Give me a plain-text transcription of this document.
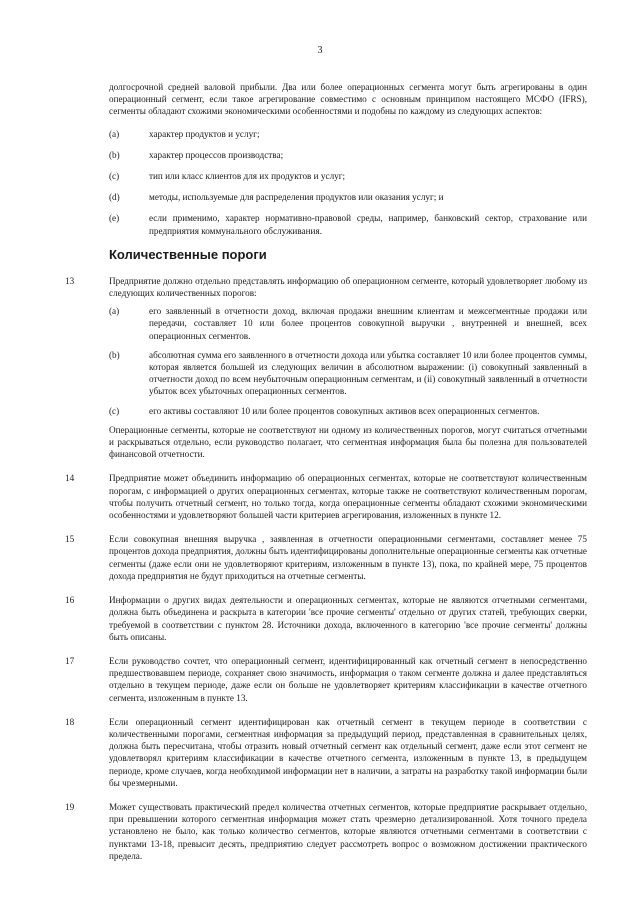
3

долгосрочной средней валовой прибыли. Два или более операционных сегмента могут быть агрегированы в один операционный сегмент, если такое агрегирование совместимо с основным принципом настоящего МСФО (IFRS), сегменты обладают схожими экономическими особенностями и подобны по каждому из следующих аспектов:

(a)	характер продуктов и услуг;

(b)	характер процессов производства;

(c)	тип или класс клиентов для их продуктов и услуг;

(d)	методы, используемые для распределения продуктов или оказания услуг; и

(e)	если применимо, характер нормативно-правовой среды, например, банковский сектор, страхование или предприятия коммунального обслуживания.

Количественные пороги
13	Предприятие должно отдельно представлять информацию об операционном сегменте, который удовлетворяет любому из следующих количественных порогов:

(a)	его заявленный в отчетности доход, включая продажи внешним клиентам и межсегментные продажи или передачи, составляет 10 или более процентов совокупной выручки , внутренней и внешней, всех операционных сегментов.

(b)	абсолютная сумма его заявленного в отчетности дохода или убытка составляет 10 или более процентов суммы, которая является большей из следующих величин в абсолютном выражении: (i) совокупный заявленный в отчетности доход по всем неубыточным операционным сегментам, и (ii) совокупный заявленный в отчетности убыток всех убыточных операционных сегментов.

(c)	его активы составляют 10 или более процентов совокупных активов всех операционных сегментов.

Операционные сегменты, которые не соответствуют ни одному из количественных порогов, могут считаться отчетными и раскрываться отдельно, если руководство полагает, что сегментная информация была бы полезна для пользователей финансовой отчетности.

14	Предприятие может объединить информацию об операционных сегментах, которые не соответствуют количественным порогам, с информацией о других операционных сегментах, которые также не соответствуют количественным порогам, чтобы получить отчетный сегмент, но только тогда, когда операционные сегменты обладают схожими экономическими особенностями и удовлетворяют большей части критериев агрегирования, изложенных в пункте 12.

15	Если совокупная внешняя выручка , заявленная в отчетности операционными сегментами, составляет менее 75 процентов дохода предприятия, должны быть идентифицированы дополнительные операционные сегменты как отчетные сегменты (даже если они не удовлетворяют критериям, изложенным в пункте 13), пока, по крайней мере, 75 процентов дохода предприятия не будут приходиться на отчетные сегменты.

16	Информации о других видах деятельности и операционных сегментах, которые не являются отчетными сегментами, должна быть объединена и раскрыта в категории 'все прочие сегменты' отдельно от других статей, требующих сверки, требуемой в соответствии с пунктом 28. Источники дохода, включенного в категорию 'все прочие сегменты' должны быть описаны.

17	Если руководство сочтет, что операционный сегмент, идентифицированный как отчетный сегмент в непосредственно предшествовавшем периоде, сохраняет свою значимость, информация о таком сегменте должна и далее представляться отдельно в текущем периоде, даже если он больше не удовлетворяет критериям классификации в качестве отчетного сегмента, изложенным в пункте 13.

18	Если операционный сегмент идентифицирован как отчетный сегмент в текущем периоде в соответствии с количественными порогами, сегментная информация за предыдущий период, представленная в сравнительных целях, должна быть пересчитана, чтобы отразить новый отчетный сегмент как отдельный сегмент, даже если этот сегмент не удовлетворял критериям классификации в качестве отчетного сегмента, изложенным в пункте 13, в предыдущем периоде, кроме случаев, когда необходимой информации нет в наличии, а затраты на разработку такой информации были бы чрезмерными.

19	Может существовать практический предел количества отчетных сегментов, которые предприятие раскрывает отдельно, при превышении которого сегментная информация может стать чрезмерно детализированной. Хотя точного предела установлено не было, как только количество сегментов, которые являются отчетными сегментами в соответствии с пунктами 13-18, превысит десять, предприятию следует рассмотреть вопрос о возможном достижении практического предела.
